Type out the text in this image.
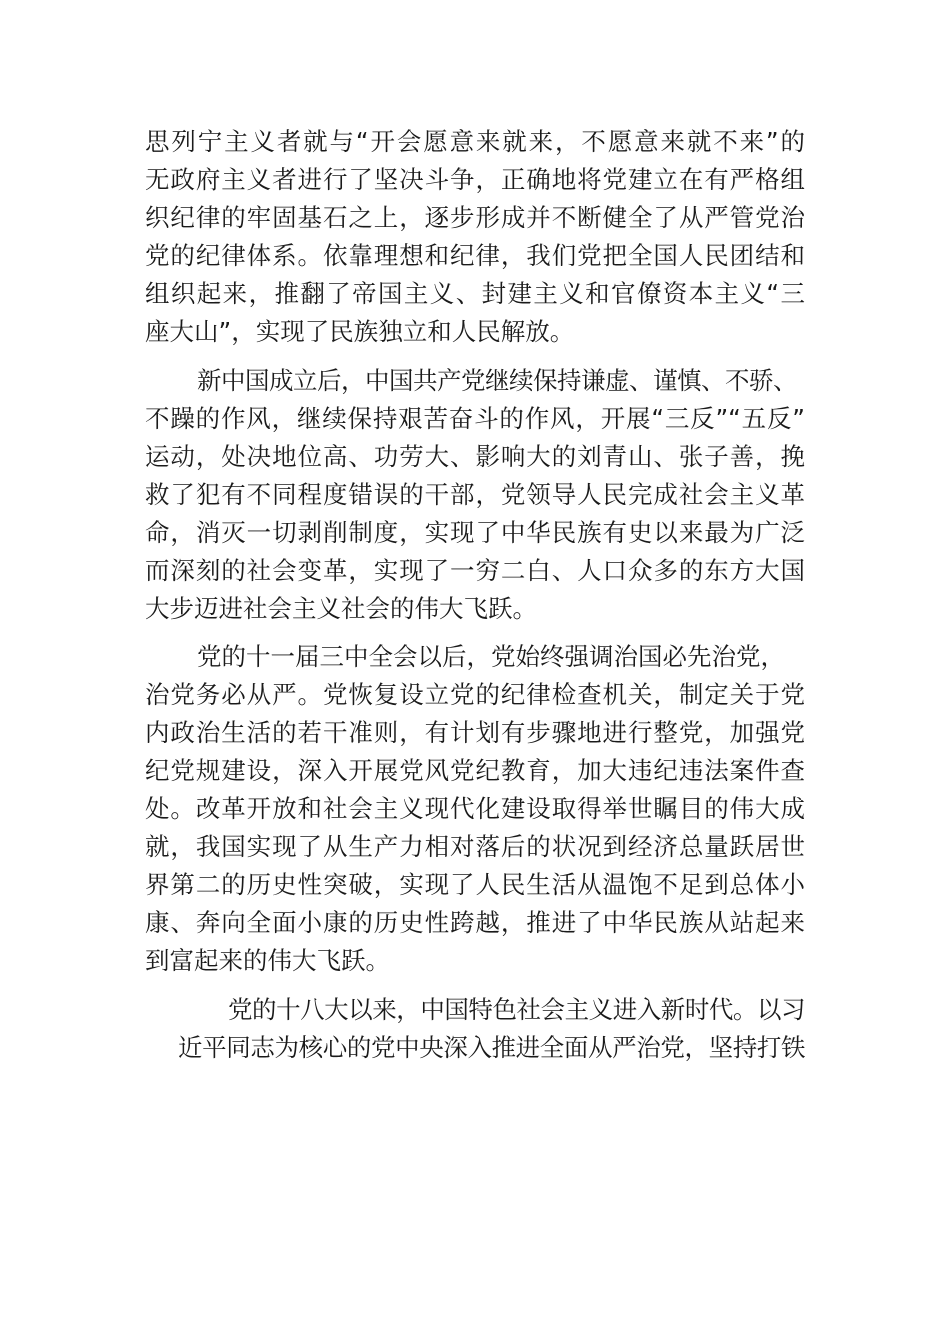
思列宁主义者就与“开会愿意来就来，不愿意来就不来”的
无政府主义者进行了坚决斗争，正确地将党建立在有严格组
织纪律的牢固基石之上，逐步形成并不断健全了从严管党治
党的纪律体系。依靠理想和纪律，我们党把全国人民团结和
组织起来，推翻了帝国主义、封建主义和官僚资本主义“三
座大山”，实现了民族独立和人民解放。
新中国成立后，中国共产党继续保持谦虚、谨慎、不骄、
不躁的作风，继续保持艰苦奋斗的作风，开展“三反”“五反”
运动，处决地位高、功劳大、影响大的刘青山、张子善，挽
救了犯有不同程度错误的干部，党领导人民完成社会主义革
命，消灭一切剥削制度，实现了中华民族有史以来最为广泛
而深刻的社会变革，实现了一穷二白、人口众多的东方大国
大步迈进社会主义社会的伟大飞跃。
党的十一届三中全会以后，党始终强调治国必先治党，
治党务必从严。党恢复设立党的纪律检查机关，制定关于党
内政治生活的若干准则，有计划有步骤地进行整党，加强党
纪党规建设，深入开展党风党纪教育，加大违纪违法案件查
处。改革开放和社会主义现代化建设取得举世瞩目的伟大成
就，我国实现了从生产力相对落后的状况到经济总量跃居世
界第二的历史性突破，实现了人民生活从温饱不足到总体小
康、奔向全面小康的历史性跨越，推进了中华民族从站起来
到富起来的伟大飞跃。
党的十八大以来，中国特色社会主义进入新时代。以习
近平同志为核心的党中央深入推进全面从严治党，坚持打铁
